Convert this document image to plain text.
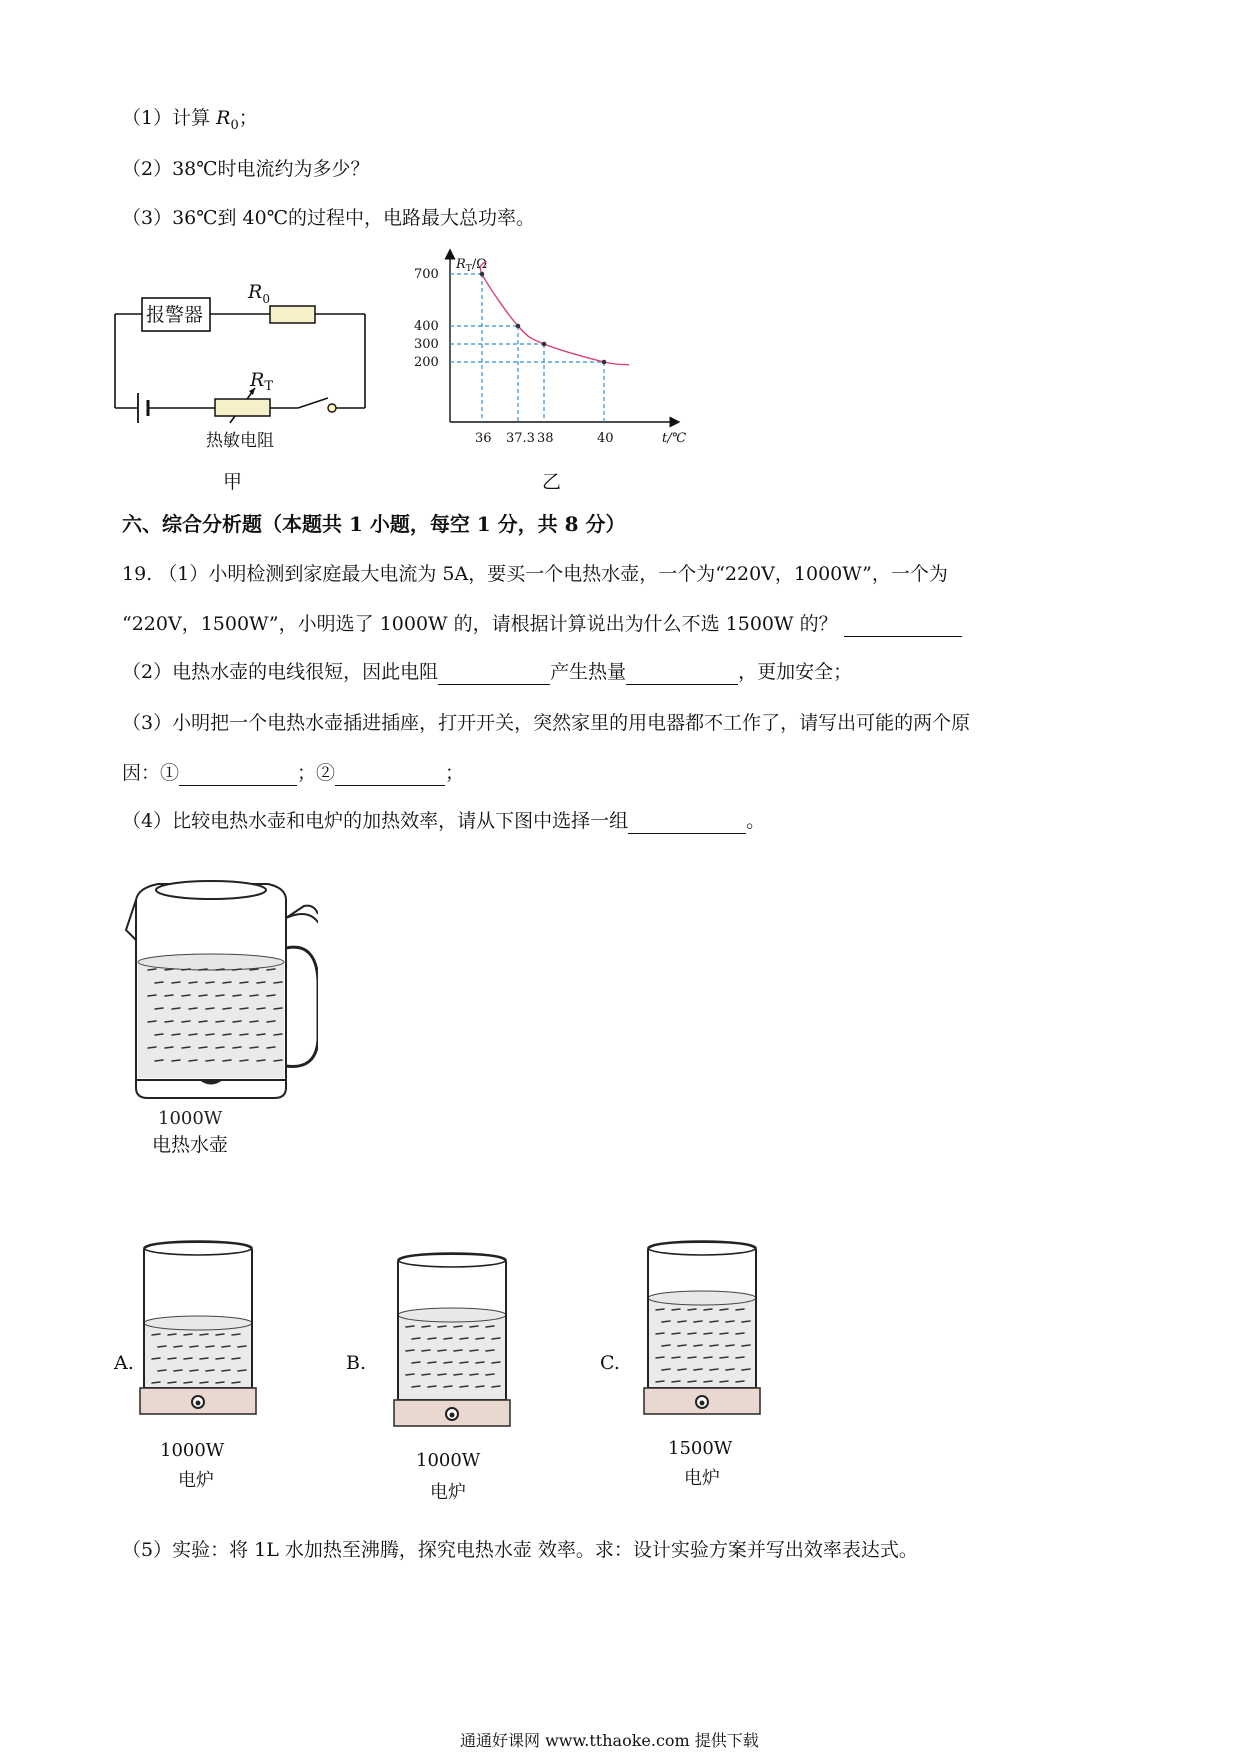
（1）计算 $R_0$；
（2）38℃时电流约为多少？
（3）36℃到 40℃的过程中，电路最大总功率。
报警器
$R_0$
$R_T$
热敏电阻
甲
$R_T/\Omega$
t/℃
36 37.3 38	40
700
400
300
200
乙
六、综合分析题（本题共 1 小题，每空 1 分，共 8 分）
19. （1）小明检测到家庭最大电流为 5A，要买一个电热水壶，一个为“220V，1000W”，一个为
“220V，1500W”，小明选了 1000W 的，请根据计算说出为什么不选 1500W 的？
（2）电热水壶的电线很短，因此电阻	产生热量	，更加安全；
（3）小明把一个电热水壶插进插座，打开开关，突然家里的用电器都不工作了，请写出可能的两个原
因：①	；②	；
（4）比较电热水壶和电炉的加热效率，请从下图中选择一组	。
1000W
电热水壶
A.	B.	C.
1000W
电炉
1000W
电炉
1500W
电炉
（5）实验：将 1L 水加热至沸腾，探究电热水壶 效率。求：设计实验方案并写出效率表达式。
通通好课网 www.tthaoke.com 提供下载
